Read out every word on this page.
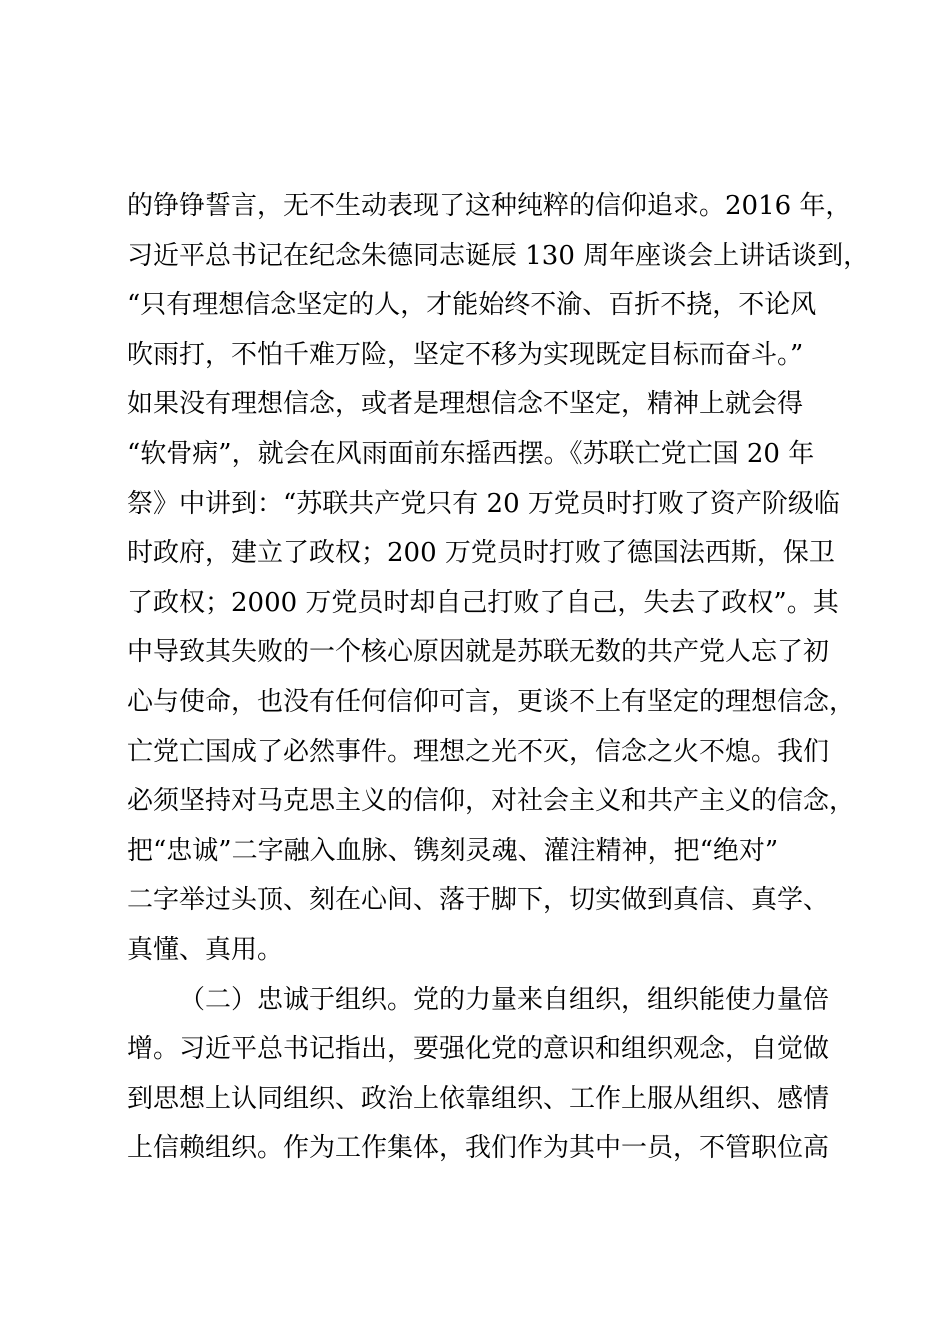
的铮铮誓言，无不生动表现了这种纯粹的信仰追求。2016 年，
习近平总书记在纪念朱德同志诞辰 130 周年座谈会上讲话谈到，
“只有理想信念坚定的人，才能始终不渝、百折不挠，不论风
吹雨打，不怕千难万险，坚定不移为实现既定目标而奋斗。”
如果没有理想信念，或者是理想信念不坚定，精神上就会得
“软骨病”，就会在风雨面前东摇西摆。《苏联亡党亡国 20 年
祭》中讲到：“苏联共产党只有 20 万党员时打败了资产阶级临
时政府，建立了政权；200 万党员时打败了德国法西斯，保卫
了政权；2000 万党员时却自己打败了自己，失去了政权”。其
中导致其失败的一个核心原因就是苏联无数的共产党人忘了初
心与使命，也没有任何信仰可言，更谈不上有坚定的理想信念，
亡党亡国成了必然事件。理想之光不灭，信念之火不熄。我们
必须坚持对马克思主义的信仰，对社会主义和共产主义的信念，
把“忠诚”二字融入血脉、镌刻灵魂、灌注精神，把“绝对”
二字举过头顶、刻在心间、落于脚下，切实做到真信、真学、
真懂、真用。
（二）忠诚于组织。党的力量来自组织，组织能使力量倍
增。习近平总书记指出，要强化党的意识和组织观念，自觉做
到思想上认同组织、政治上依靠组织、工作上服从组织、感情
上信赖组织。作为工作集体，我们作为其中一员，不管职位高
